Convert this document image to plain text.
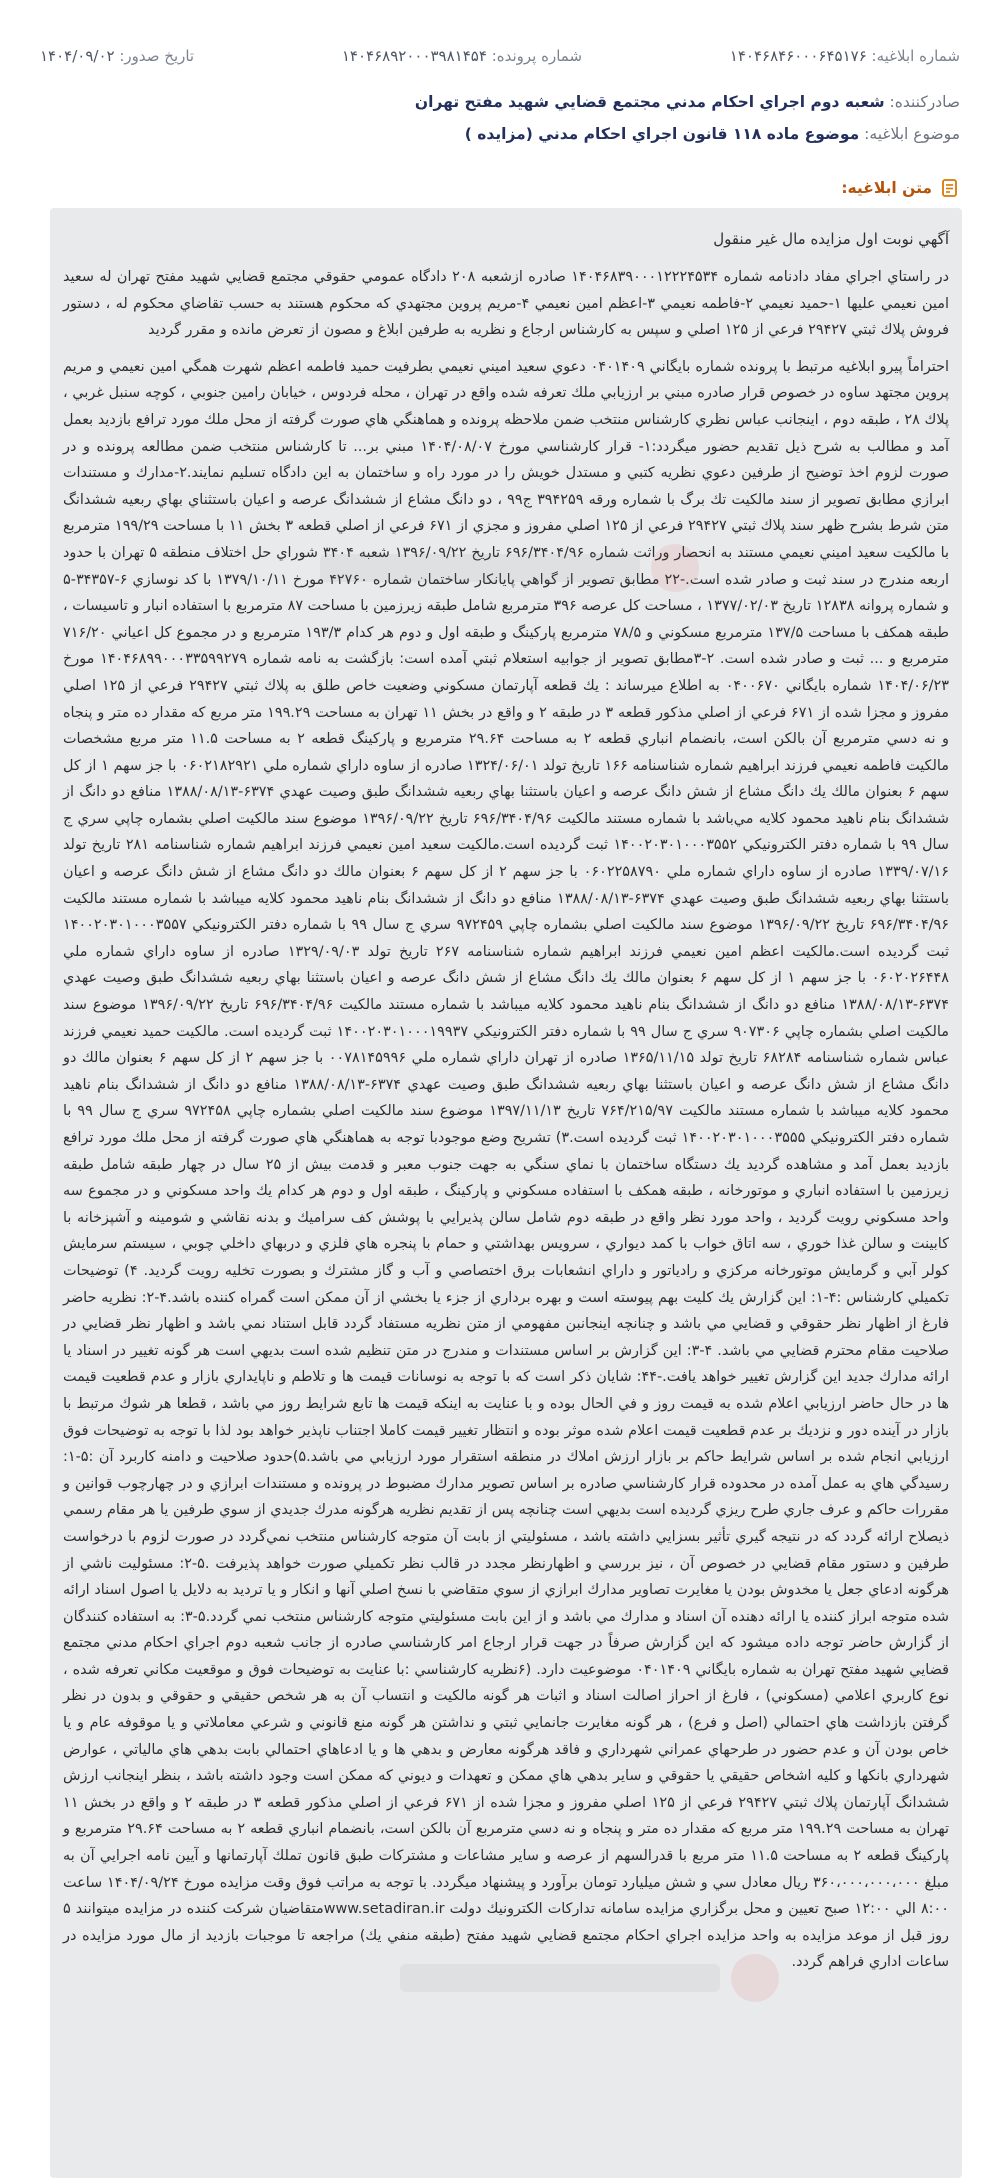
شماره ابلاغیه: ۱۴۰۴۶۸۴۶۰۰۰۶۴۵۱۷۶
شماره پرونده: ۱۴۰۴۶۸۹۲۰۰۰۳۹۸۱۴۵۴
تاریخ صدور: ۱۴۰۴/۰۹/۰۲
صادرکننده: شعبه دوم اجراي احكام مدني مجتمع قضايي شهيد مفتح تهران
موضوع ابلاغیه: موضوع ماده ۱۱۸ قانون اجراي احكام مدني (مزايده )
متن ابلاغیه:
آگهي نوبت اول مزايده مال غير منقول

در راستاي اجراي مفاد دادنامه شماره ۱۴۰۴۶۸۳۹۰۰۰۱۲۲۲۴۵۳۴ صادره ازشعبه ۲۰۸ دادگاه عمومي حقوقي مجتمع قضايي شهيد مفتح تهران له سعيد امين نعيمي عليها ۱-حميد نعيمي ۲-فاطمه نعيمي ۳-اعظم امين نعيمي ۴-مريم پروين مجتهدي كه محكوم هستند به حسب تقاضاي محكوم له ، دستور فروش پلاك ثبتي ۲۹۴۲۷ فرعي از ۱۲۵ اصلي و سپس به كارشناس ارجاع و نظريه به طرفين ابلاغ و مصون از تعرض مانده و مقرر گرديد

احتراماً پيرو ابلاغيه مرتبط با پرونده شماره بايگاني ۰۴۰۱۴۰۹ دعوي سعيد اميني نعيمي بطرفيت حميد فاطمه اعظم شهرت همگي امين نعيمي و مريم پروين مجتهد ساوه در خصوص قرار صادره مبني بر ارزيابي ملك تعرفه شده واقع در تهران ، محله فردوس ، خيابان رامين جنوبي ، كوچه سنبل غربي ، پلاك ۲۸ ، طبقه دوم ، اينجانب عباس نظري كارشناس منتخب ضمن ملاحظه پرونده و هماهنگي هاي صورت گرفته از محل ملك مورد ترافع بازديد بعمل آمد و مطالب به شرح ذيل تقديم حضور ميگردد:۱- قرار كارشناسي مورخ ۱۴۰۴/۰۸/۰۷ مبني بر... تا كارشناس منتخب ضمن مطالعه پرونده و در صورت لزوم اخذ توضيح از طرفين دعوي نظريه كتبي و مستدل خويش را در مورد راه و ساختمان به اين دادگاه تسليم نمايند.۲-مدارك و مستندات ابرازي مطابق تصوير از سند مالكيت تك برگ با شماره ورقه ۳۹۴۲۵۹ ج۹۹ ، دو دانگ مشاع از ششدانگ عرصه و اعيان باستثناي بهاي ربعيه ششدانگ متن شرط بشرح ظهر سند پلاك ثبتي ۲۹۴۲۷ فرعي از ۱۲۵ اصلي مفروز و مجزي از ۶۷۱ فرعي از اصلي قطعه ۳ بخش ۱۱ با مساحت ۱۹۹/۲۹ مترمربع با مالكيت سعيد اميني نعيمي مستند به انحصار وراثت شماره ۶۹۶/۳۴۰۴/۹۶ تاريخ ۱۳۹۶/۰۹/۲۲ شعبه ۳۴۰۴ شوراي حل اختلاف منطقه ۵ تهران با حدود اربعه مندرج در سند ثبت و صادر شده است.-۲۲ مطابق تصوير از گواهي پايانكار ساختمان شماره ۴۲۷۶۰ مورخ ۱۳۷۹/۱۰/۱۱ با كد نوسازي ۶-۳۴۳۵۷-۵ و شماره پروانه ۱۲۸۳۸ تاريخ ۱۳۷۷/۰۲/۰۳ ، مساحت كل عرصه ۳۹۶ مترمربع شامل طبقه زيرزمين با مساحت ۸۷ مترمربع با استفاده انبار و تاسيسات ، طبقه همكف با مساحت ۱۳۷/۵ مترمربع مسكوني و ۷۸/۵ مترمربع پاركينگ و طبقه اول و دوم هر كدام ۱۹۳/۳ مترمربع و در مجموع كل اعياني ۷۱۶/۲۰ مترمربع و ... ثبت و صادر شده است. ۲-۳مطابق تصوير از جوابيه استعلام ثبتي آمده است: بازگشت به نامه شماره ۱۴۰۴۶۸۹۹۰۰۰۳۳۵۹۹۲۷۹ مورخ ۱۴۰۴/۰۶/۲۳ شماره بايگاني ۰۴۰۰۶۷۰ به اطلاع ميرساند : يك قطعه آپارتمان مسكوني وضعيت خاص طلق به پلاك ثبتي ۲۹۴۲۷ فرعي از ۱۲۵ اصلي مفروز و مجزا شده از ۶۷۱ فرعي از اصلي مذكور قطعه ۳ در طبقه ۲ و واقع در بخش ۱۱ تهران به مساحت ۱۹۹.۲۹ متر مربع كه مقدار ده متر و پنجاه و نه دسي مترمربع آن بالكن است، بانضمام انباري قطعه ۲ به مساحت ۲۹.۶۴ مترمربع و پاركينگ قطعه ۲ به مساحت ۱۱.۵ متر مربع مشخصات مالكيت فاطمه نعيمي فرزند ابراهيم شماره شناسنامه ۱۶۶ تاريخ تولد ۱۳۲۴/۰۶/۰۱ صادره از ساوه داراي شماره ملي ۰۶۰۲۱۸۲۹۲۱ با جز سهم ۱ از كل سهم ۶ بعنوان مالك يك دانگ مشاع از شش دانگ عرصه و اعيان باستثنا بهاي ربعيه ششدانگ طبق وصيت عهدي ۶۳۷۴-۱۳۸۸/۰۸/۱۳ منافع دو دانگ از ششدانگ بنام ناهيد محمود كلايه مي‌باشد با شماره مستند مالكيت ۶۹۶/۳۴۰۴/۹۶ تاريخ ۱۳۹۶/۰۹/۲۲ موضوع سند مالكيت اصلي بشماره چاپي سري ج سال ۹۹ با شماره دفتر الكترونيكي ۱۴۰۰۲۰۳۰۱۰۰۰۳۵۵۲ ثبت گرديده است.مالكيت سعيد امين نعيمي فرزند ابراهيم شماره شناسنامه ۲۸۱ تاريخ تولد ۱۳۳۹/۰۷/۱۶ صادره از ساوه داراي شماره ملي ۰۶۰۲۲۵۸۷۹۰ با جز سهم ۲ از كل سهم ۶ بعنوان مالك دو دانگ مشاع از شش دانگ عرصه و اعيان باستثنا بهاي ربعيه ششدانگ طبق وصيت عهدي ۶۳۷۴-۱۳۸۸/۰۸/۱۳ منافع دو دانگ از ششدانگ بنام ناهيد محمود كلايه ميباشد با شماره مستند مالكيت ۶۹۶/۳۴۰۴/۹۶ تاريخ ۱۳۹۶/۰۹/۲۲ موضوع سند مالكيت اصلي بشماره چاپي ۹۷۲۴۵۹ سري ج سال ۹۹ با شماره دفتر الكترونيكي ۱۴۰۰۲۰۳۰۱۰۰۰۳۵۵۷ ثبت گرديده است.مالكيت اعظم امين نعيمي فرزند ابراهيم شماره شناسنامه ۲۶۷ تاريخ تولد ۱۳۲۹/۰۹/۰۳ صادره از ساوه داراي شماره ملي ۰۶۰۲۰۲۶۴۴۸ با جز سهم ۱ از كل سهم ۶ بعنوان مالك يك دانگ مشاع از شش دانگ عرصه و اعيان باستثنا بهاي ربعيه ششدانگ طبق وصيت عهدي ۶۳۷۴-۱۳۸۸/۰۸/۱۳ منافع دو دانگ از ششدانگ بنام ناهيد محمود كلايه ميباشد با شماره مستند مالكيت ۶۹۶/۳۴۰۴/۹۶ تاريخ ۱۳۹۶/۰۹/۲۲ موضوع سند مالكيت اصلي بشماره چاپي ۹۰۷۳۰۶ سري ج سال ۹۹ با شماره دفتر الكترونيكي ۱۴۰۰۲۰۳۰۱۰۰۰۱۹۹۳۷ ثبت گرديده است. مالكيت حميد نعيمي فرزند عباس شماره شناسنامه ۶۸۲۸۴ تاريخ تولد ۱۳۶۵/۱۱/۱۵ صادره از تهران داراي شماره ملي ۰۰۷۸۱۴۵۹۹۶ با جز سهم ۲ از كل سهم ۶ بعنوان مالك دو دانگ مشاع از شش دانگ عرصه و اعيان باستثنا بهاي ربعيه ششدانگ طبق وصيت عهدي ۶۳۷۴-۱۳۸۸/۰۸/۱۳ منافع دو دانگ از ششدانگ بنام ناهيد محمود كلايه ميباشد با شماره مستند مالكيت ۷۶۴/۲۱۵/۹۷ تاريخ ۱۳۹۷/۱۱/۱۳ موضوع سند مالكيت اصلي بشماره چاپي ۹۷۲۴۵۸ سري ج سال ۹۹ با شماره دفتر الكترونيكي ۱۴۰۰۲۰۳۰۱۰۰۰۳۵۵۵ ثبت گرديده است.۳) تشريح وضع موجودبا توجه به هماهنگي هاي صورت گرفته از محل ملك مورد ترافع بازديد بعمل آمد و مشاهده گرديد يك دستگاه ساختمان با نماي سنگي به جهت جنوب معبر و قدمت بيش از ۲۵ سال در چهار طبقه شامل طبقه زيرزمين با استفاده انباري و موتورخانه ، طبقه همكف با استفاده مسكوني و پاركينگ ، طبقه اول و دوم هر كدام يك واحد مسكوني و در مجموع سه واحد مسكوني رويت گرديد ، واحد مورد نظر واقع در طبقه دوم شامل سالن پذيرايي با پوشش كف سراميك و بدنه نقاشي و شومينه و آشپزخانه با كابينت و سالن غذا خوري ، سه اتاق خواب با كمد ديواري ، سرويس بهداشتي و حمام با پنجره هاي فلزي و دربهاي داخلي چوبي ، سيستم سرمايش كولر آبي و گرمايش موتورخانه مركزي و رادياتور و داراي انشعابات برق اختصاصي و آب و گاز مشترك و بصورت تخليه رويت گرديد. ۴) توضيحات تكميلي كارشناس :۴-۱: اين گزارش يك كليت بهم پيوسته است و بهره برداري از جزء يا بخشي از آن ممكن است گمراه كننده باشد.۴-۲: نظريه حاضر فارغ از اظهار نظر حقوقي و قضايي مي باشد و چنانچه اينجانبن مفهومي از متن نظريه مستفاد گردد قابل استناد نمي باشد و اظهار نظر قضايي در صلاحيت مقام محترم قضايي مي باشد. ۴-۳: اين گزارش بر اساس مستندات و مندرج در متن تنظيم شده است بديهي است هر گونه تغيير در اسناد يا ارائه مدارك جديد اين گزارش تغيير خواهد يافت.-۴۴: شايان ذكر است كه با توجه به نوسانات قيمت ها و تلاطم و ناپايداري بازار و عدم قطعيت قيمت ها در حال حاضر ارزيابي اعلام شده به قيمت روز و في الحال بوده و با عنايت به اينكه قيمت ها تابع شرايط روز مي باشد ، قطعا هر شوك مرتبط با بازار در آينده دور و نزديك بر عدم قطعيت قيمت اعلام شده موثر بوده و انتظار تغيير قيمت كاملا اجتناب ناپذير خواهد بود لذا با توجه به توضيحات فوق ارزيابي انجام شده بر اساس شرايط حاكم بر بازار ارزش املاك در منطقه استقرار مورد ارزيابي مي باشد.۵)حدود صلاحيت و دامنه كاربرد آن :۵-۱: رسيدگي هاي به عمل آمده در محدوده قرار كارشناسي صادره بر اساس تصوير مدارك مضبوط در پرونده و مستندات ابرازي و در چهارچوب قوانين و مقررات حاكم و عرف جاري طرح ريزي گرديده است بديهي است چنانچه پس از تقديم نظريه هرگونه مدرك جديدي از سوي طرفين يا هر مقام رسمي ذيصلاح ارائه گردد كه در نتيجه گيري تأثير بسزايي داشته باشد ، مسئوليتي از بابت آن متوجه كارشناس منتخب نمي‌گردد در صورت لزوم با درخواست طرفين و دستور مقام قضايي در خصوص آن ، نيز بررسي و اظهارنظر مجدد در قالب نظر تكميلي صورت خواهد پذيرفت .۵-۲: مسئوليت ناشي از هرگونه ادعاي جعل يا مخدوش بودن يا مغايرت تصاوير مدارك ابرازي از سوي متقاضي با نسخ اصلي آنها و انكار و يا ترديد به دلايل يا اصول اسناد ارائه شده متوجه ابراز كننده يا ارائه دهنده آن اسناد و مدارك مي باشد و از اين بابت مسئوليتي متوجه كارشناس منتخب نمي گردد.۵-۳: به استفاده كنندگان از گزارش حاضر توجه داده ميشود كه اين گزارش صرفاً در جهت قرار ارجاع امر كارشناسي صادره از جانب شعبه دوم اجراي احكام مدني مجتمع قضايي شهيد مفتح تهران به شماره بايگاني ۰۴۰۱۴۰۹ موضوعيت دارد. (۶نظريه كارشناسي :با عنايت به توضيحات فوق و موقعيت مكاني تعرفه شده ، نوع كاربري اعلامي (مسكوني) ، فارغ از احراز اصالت اسناد و اثبات هر گونه مالكيت و انتساب آن به هر شخص حقيقي و حقوقي و بدون در نظر گرفتن بازداشت هاي احتمالي (اصل و فرع) ، هر گونه مغايرت جانمايي ثبتي و نداشتن هر گونه منع قانوني و شرعي معاملاتي و يا موقوفه عام و يا خاص بودن آن و عدم حضور در طرحهاي عمراني شهرداري و فاقد هرگونه معارض و بدهي ها و يا ادعاهاي احتمالي بابت بدهي هاي مالياتي ، عوارض شهرداري بانكها و كليه اشخاص حقيقي يا حقوقي و ساير بدهي هاي ممكن و تعهدات و ديوني كه ممكن است وجود داشته باشد ، بنظر اينجانب ارزش ششدانگ آپارتمان پلاك ثبتي ۲۹۴۲۷ فرعي از ۱۲۵ اصلي مفروز و مجزا شده از ۶۷۱ فرعي از اصلي مذكور قطعه ۳ در طبقه ۲ و واقع در بخش ۱۱ تهران به مساحت ۱۹۹.۲۹ متر مربع كه مقدار ده متر و پنجاه و نه دسي مترمربع آن بالكن است، بانضمام انباري قطعه ۲ به مساحت ۲۹.۶۴ مترمربع و پاركينگ قطعه ۲ به مساحت ۱۱.۵ متر مربع با قدرالسهم از عرصه و ساير مشاعات و مشتركات طبق قانون تملك آپارتمانها و آيين نامه اجرايي آن به مبلغ ۳۶۰،۰۰۰،۰۰۰،۰۰۰ ريال معادل سي و شش ميليارد تومان برآورد و پيشنهاد ميگردد. با توجه به مراتب فوق وقت مزايده مورخ ۱۴۰۴/۰۹/۲۴ ساعت ۸:۰۰ الي ۱۲:۰۰ صبح تعيين و محل برگزاري مزايده سامانه تداركات الكترونيك دولت www.setadiran.irمتقاضيان شركت كننده در مزايده ميتوانند ۵ روز قبل از موعد مزايده به واحد مزايده اجراي احكام مجتمع قضايي شهيد مفتح (طبقه منفي يك) مراجعه تا موجبات بازديد از مال مورد مزايده در ساعات اداري فراهم گردد.
